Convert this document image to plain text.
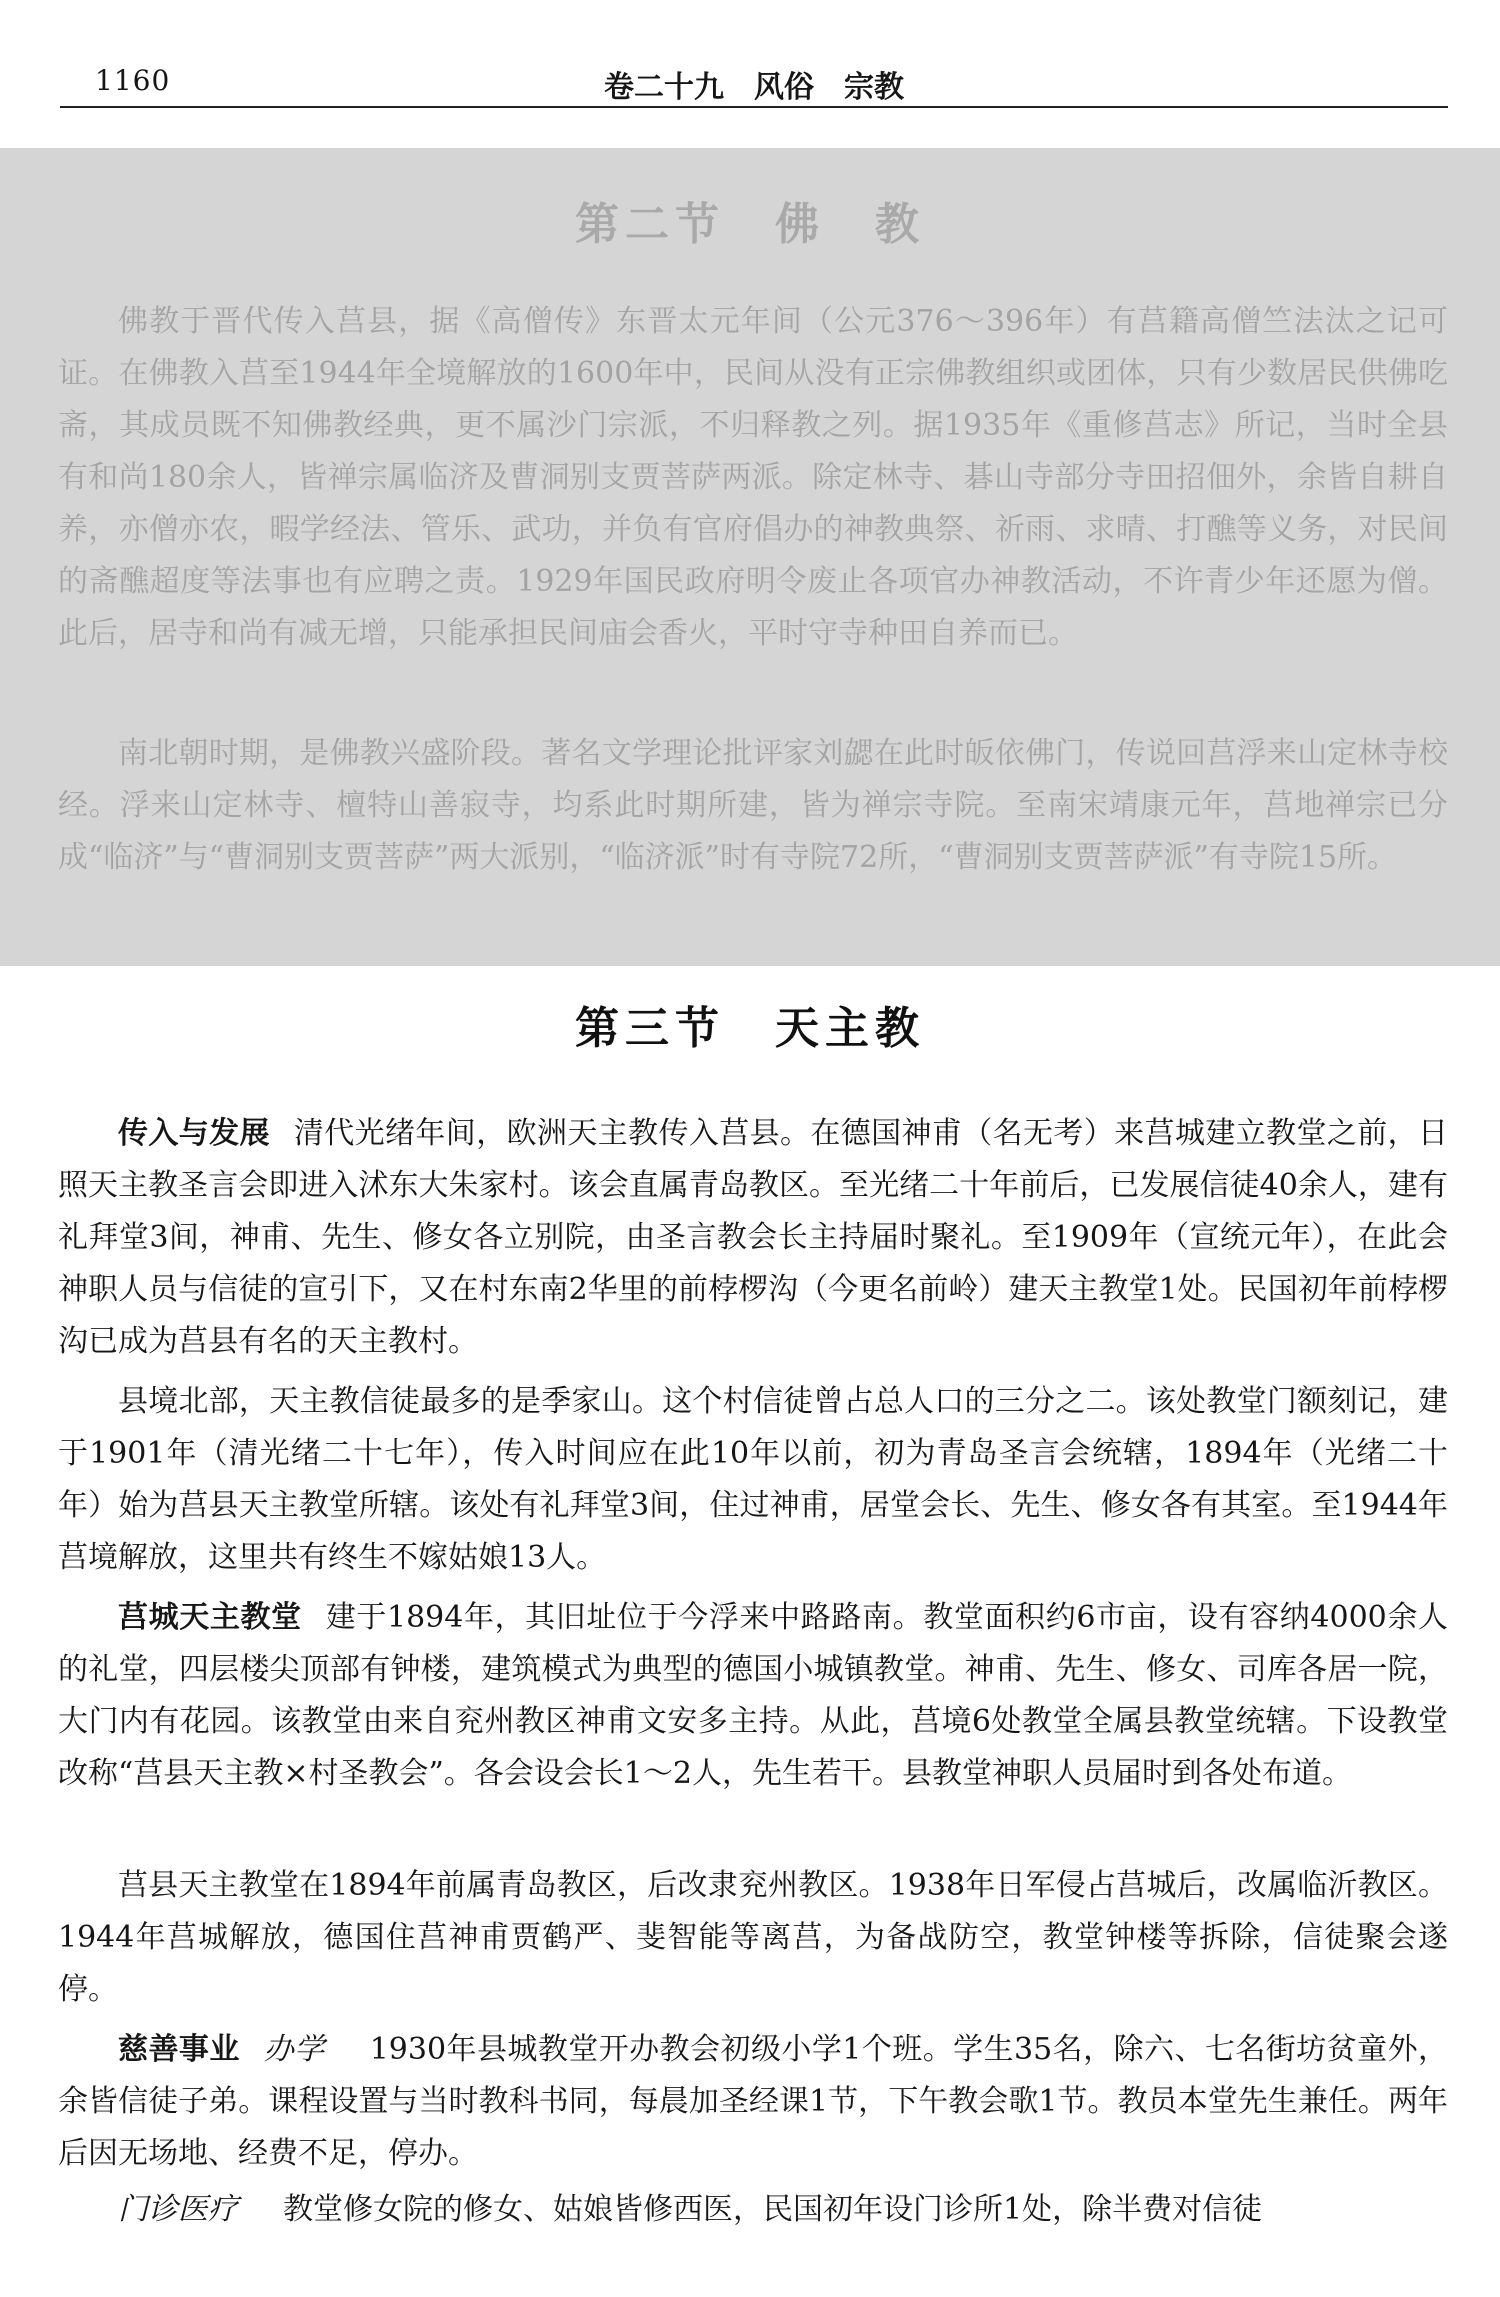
1160	卷二十九　风俗　宗教
第二节　佛　教

佛教于晋代传入莒县，据《高僧传》东晋太元年间（公元376～396年）有莒籍高僧竺法汰之记可证。在佛教入莒至1944年全境解放的1600年中，民间从没有正宗佛教组织或团体，只有少数居民供佛吃斋，其成员既不知佛教经典，更不属沙门宗派，不归释教之列。据1935年《重修莒志》所记，当时全县有和尚180余人，皆禅宗属临济及曹洞别支贾菩萨两派。除定林寺、碁山寺部分寺田招佃外，余皆自耕自养，亦僧亦农，暇学经法、管乐、武功，并负有官府倡办的神教典祭、祈雨、求晴、打醮等义务，对民间的斋醮超度等法事也有应聘之责。1929年国民政府明令废止各项官办神教活动，不许青少年还愿为僧。此后，居寺和尚有减无增，只能承担民间庙会香火，平时守寺种田自养而已。

南北朝时期，是佛教兴盛阶段。著名文学理论批评家刘勰在此时皈依佛门，传说回莒浮来山定林寺校经。浮来山定林寺、檀特山善寂寺，均系此时期所建，皆为禅宗寺院。至南宋靖康元年，莒地禅宗已分成“临济”与“曹洞别支贾菩萨”两大派别，“临济派”时有寺院72所，“曹洞别支贾菩萨派”有寺院15所。

第三节　天主教

传入与发展 清代光绪年间，欧洲天主教传入莒县。在德国神甫（名无考）来莒城建立教堂之前，日照天主教圣言会即进入沭东大朱家村。该会直属青岛教区。至光绪二十年前后，已发展信徒40余人，建有礼拜堂3间，神甫、先生、修女各立别院，由圣言教会长主持届时聚礼。至1909年（宣统元年），在此会神职人员与信徒的宣引下，又在村东南2华里的前桲椤沟（今更名前岭）建天主教堂1处。民国初年前桲椤沟已成为莒县有名的天主教村。

县境北部，天主教信徒最多的是季家山。这个村信徒曾占总人口的三分之二。该处教堂门额刻记，建于1901年（清光绪二十七年），传入时间应在此10年以前，初为青岛圣言会统辖，1894年（光绪二十年）始为莒县天主教堂所辖。该处有礼拜堂3间，住过神甫，居堂会长、先生、修女各有其室。至1944年莒境解放，这里共有终生不嫁姑娘13人。

莒城天主教堂 建于1894年，其旧址位于今浮来中路路南。教堂面积约6市亩，设有容纳4000余人的礼堂，四层楼尖顶部有钟楼，建筑模式为典型的德国小城镇教堂。神甫、先生、修女、司库各居一院，大门内有花园。该教堂由来自兖州教区神甫文安多主持。从此，莒境6处教堂全属县教堂统辖。下设教堂改称“莒县天主教×村圣教会”。各会设会长1～2人，先生若干。县教堂神职人员届时到各处布道。

莒县天主教堂在1894年前属青岛教区，后改隶兖州教区。1938年日军侵占莒城后，改属临沂教区。1944年莒城解放，德国住莒神甫贾鹤严、斐智能等离莒，为备战防空，教堂钟楼等拆除，信徒聚会遂停。

慈善事业 办学 1930年县城教堂开办教会初级小学1个班。学生35名，除六、七名街坊贫童外，余皆信徒子弟。课程设置与当时教科书同，每晨加圣经课1节，下午教会歌1节。教员本堂先生兼任。两年后因无场地、经费不足，停办。

门诊医疗 教堂修女院的修女、姑娘皆修西医，民国初年设门诊所1处，除半费对信徒
